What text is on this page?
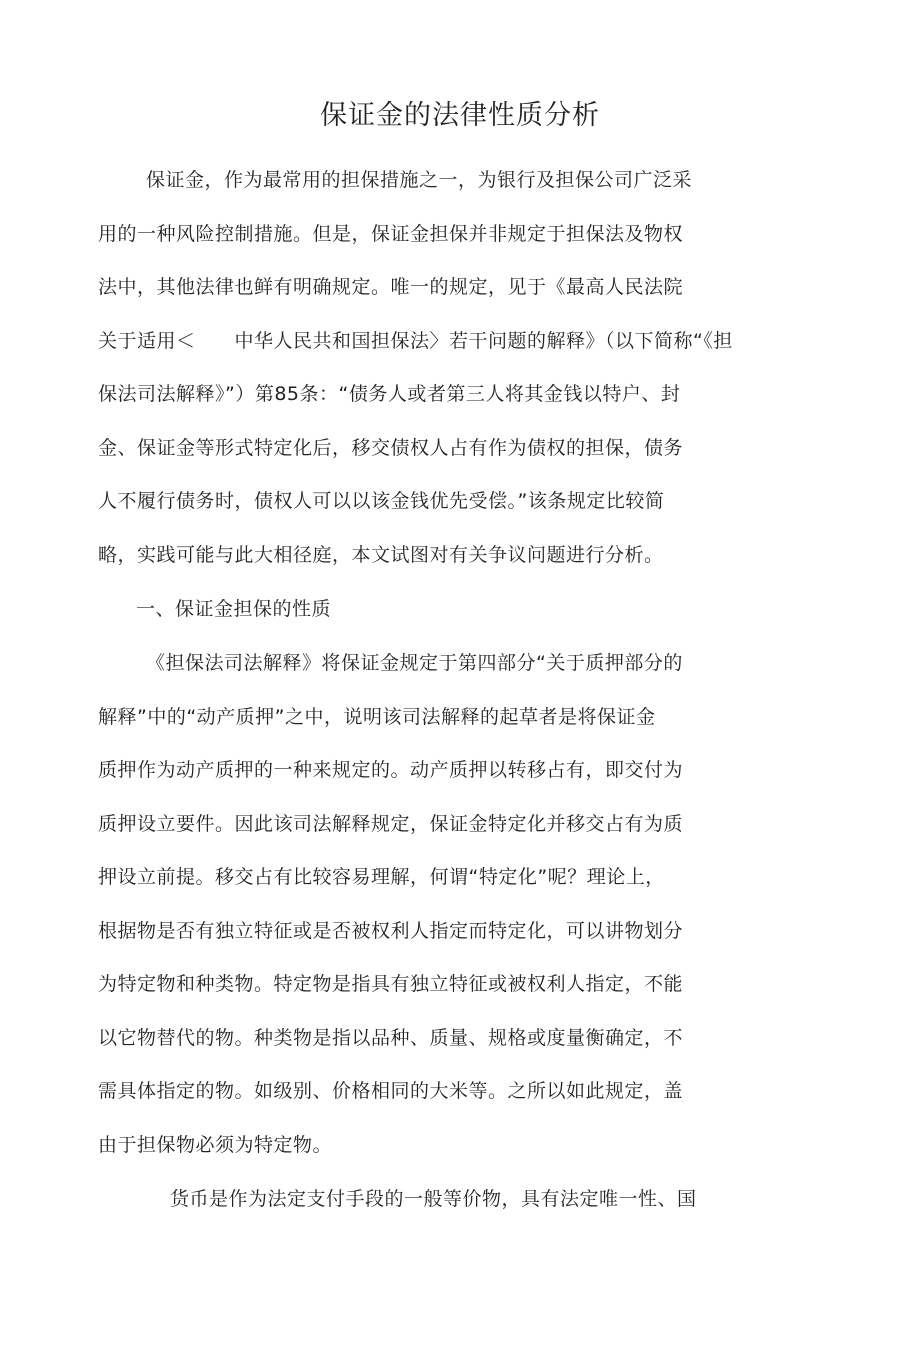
保证金的法律性质分析
保证金，作为最常用的担保措施之一，为银行及担保公司广泛采
用的一种风险控制措施。但是，保证金担保并非规定于担保法及物权
法中，其他法律也鲜有明确规定。唯一的规定，见于《最高人民法院
关于适用＜　　中华人民共和国担保法〉若干问题的解释》（以下简称“《担
保法司法解释》”）第85条：“债务人或者第三人将其金钱以特户、封
金、保证金等形式特定化后，移交债权人占有作为债权的担保，债务
人不履行债务时，债权人可以以该金钱优先受偿。”该条规定比较简
略，实践可能与此大相径庭，本文试图对有关争议问题进行分析。
一、保证金担保的性质
《担保法司法解释》将保证金规定于第四部分“关于质押部分的
解释”中的“动产质押”之中，说明该司法解释的起草者是将保证金
质押作为动产质押的一种来规定的。动产质押以转移占有，即交付为
质押设立要件。因此该司法解释规定，保证金特定化并移交占有为质
押设立前提。移交占有比较容易理解，何谓“特定化”呢？理论上，
根据物是否有独立特征或是否被权利人指定而特定化，可以讲物划分
为特定物和种类物。特定物是指具有独立特征或被权利人指定，不能
以它物替代的物。种类物是指以品种、质量、规格或度量衡确定，不
需具体指定的物。如级别、价格相同的大米等。之所以如此规定，盖
由于担保物必须为特定物。
货币是作为法定支付手段的一般等价物，具有法定唯一性、国
